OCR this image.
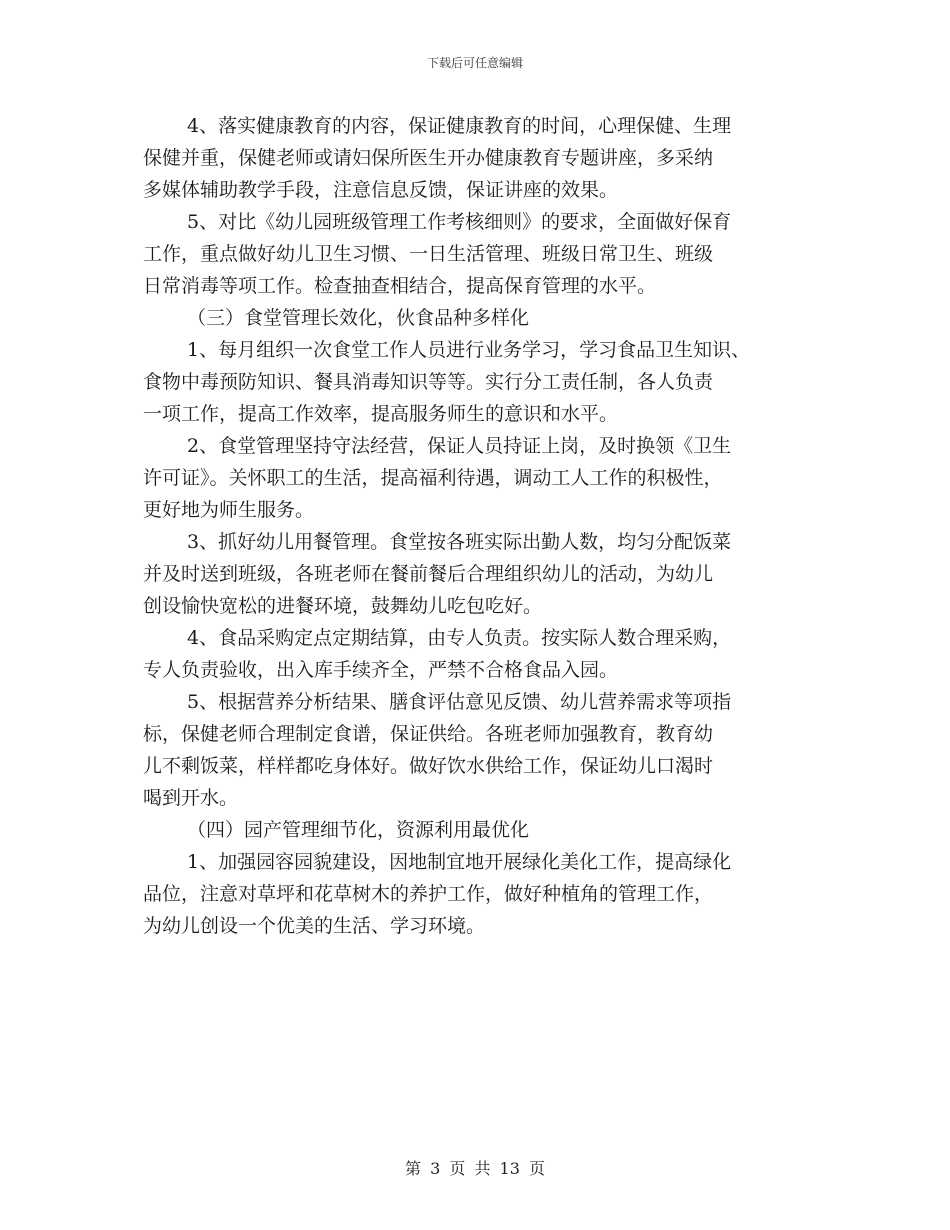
下载后可任意编辑
4、落实健康教育的内容，保证健康教育的时间，心理保健、生理
保健并重，保健老师或请妇保所医生开办健康教育专题讲座，多采纳
多媒体辅助教学手段，注意信息反馈，保证讲座的效果。
5、对比《幼儿园班级管理工作考核细则》的要求，全面做好保育
工作，重点做好幼儿卫生习惯、一日生活管理、班级日常卫生、班级
日常消毒等项工作。检查抽查相结合，提高保育管理的水平。
（三）食堂管理长效化，伙食品种多样化
1、每月组织一次食堂工作人员进行业务学习，学习食品卫生知识、
食物中毒预防知识、餐具消毒知识等等。实行分工责任制，各人负责
一项工作，提高工作效率，提高服务师生的意识和水平。
2、食堂管理坚持守法经营，保证人员持证上岗，及时换领《卫生
许可证》。关怀职工的生活，提高福利待遇，调动工人工作的积极性，
更好地为师生服务。
3、抓好幼儿用餐管理。食堂按各班实际出勤人数，均匀分配饭菜
并及时送到班级，各班老师在餐前餐后合理组织幼儿的活动，为幼儿
创设愉快宽松的进餐环境，鼓舞幼儿吃包吃好。
4、食品采购定点定期结算，由专人负责。按实际人数合理采购，
专人负责验收，出入库手续齐全，严禁不合格食品入园。
5、根据营养分析结果、膳食评估意见反馈、幼儿营养需求等项指
标，保健老师合理制定食谱，保证供给。各班老师加强教育，教育幼
儿不剩饭菜，样样都吃身体好。做好饮水供给工作，保证幼儿口渴时
喝到开水。
（四）园产管理细节化，资源利用最优化
1、加强园容园貌建设，因地制宜地开展绿化美化工作，提高绿化
品位，注意对草坪和花草树木的养护工作，做好种植角的管理工作，
为幼儿创设一个优美的生活、学习环境。
第 3 页 共 13 页
